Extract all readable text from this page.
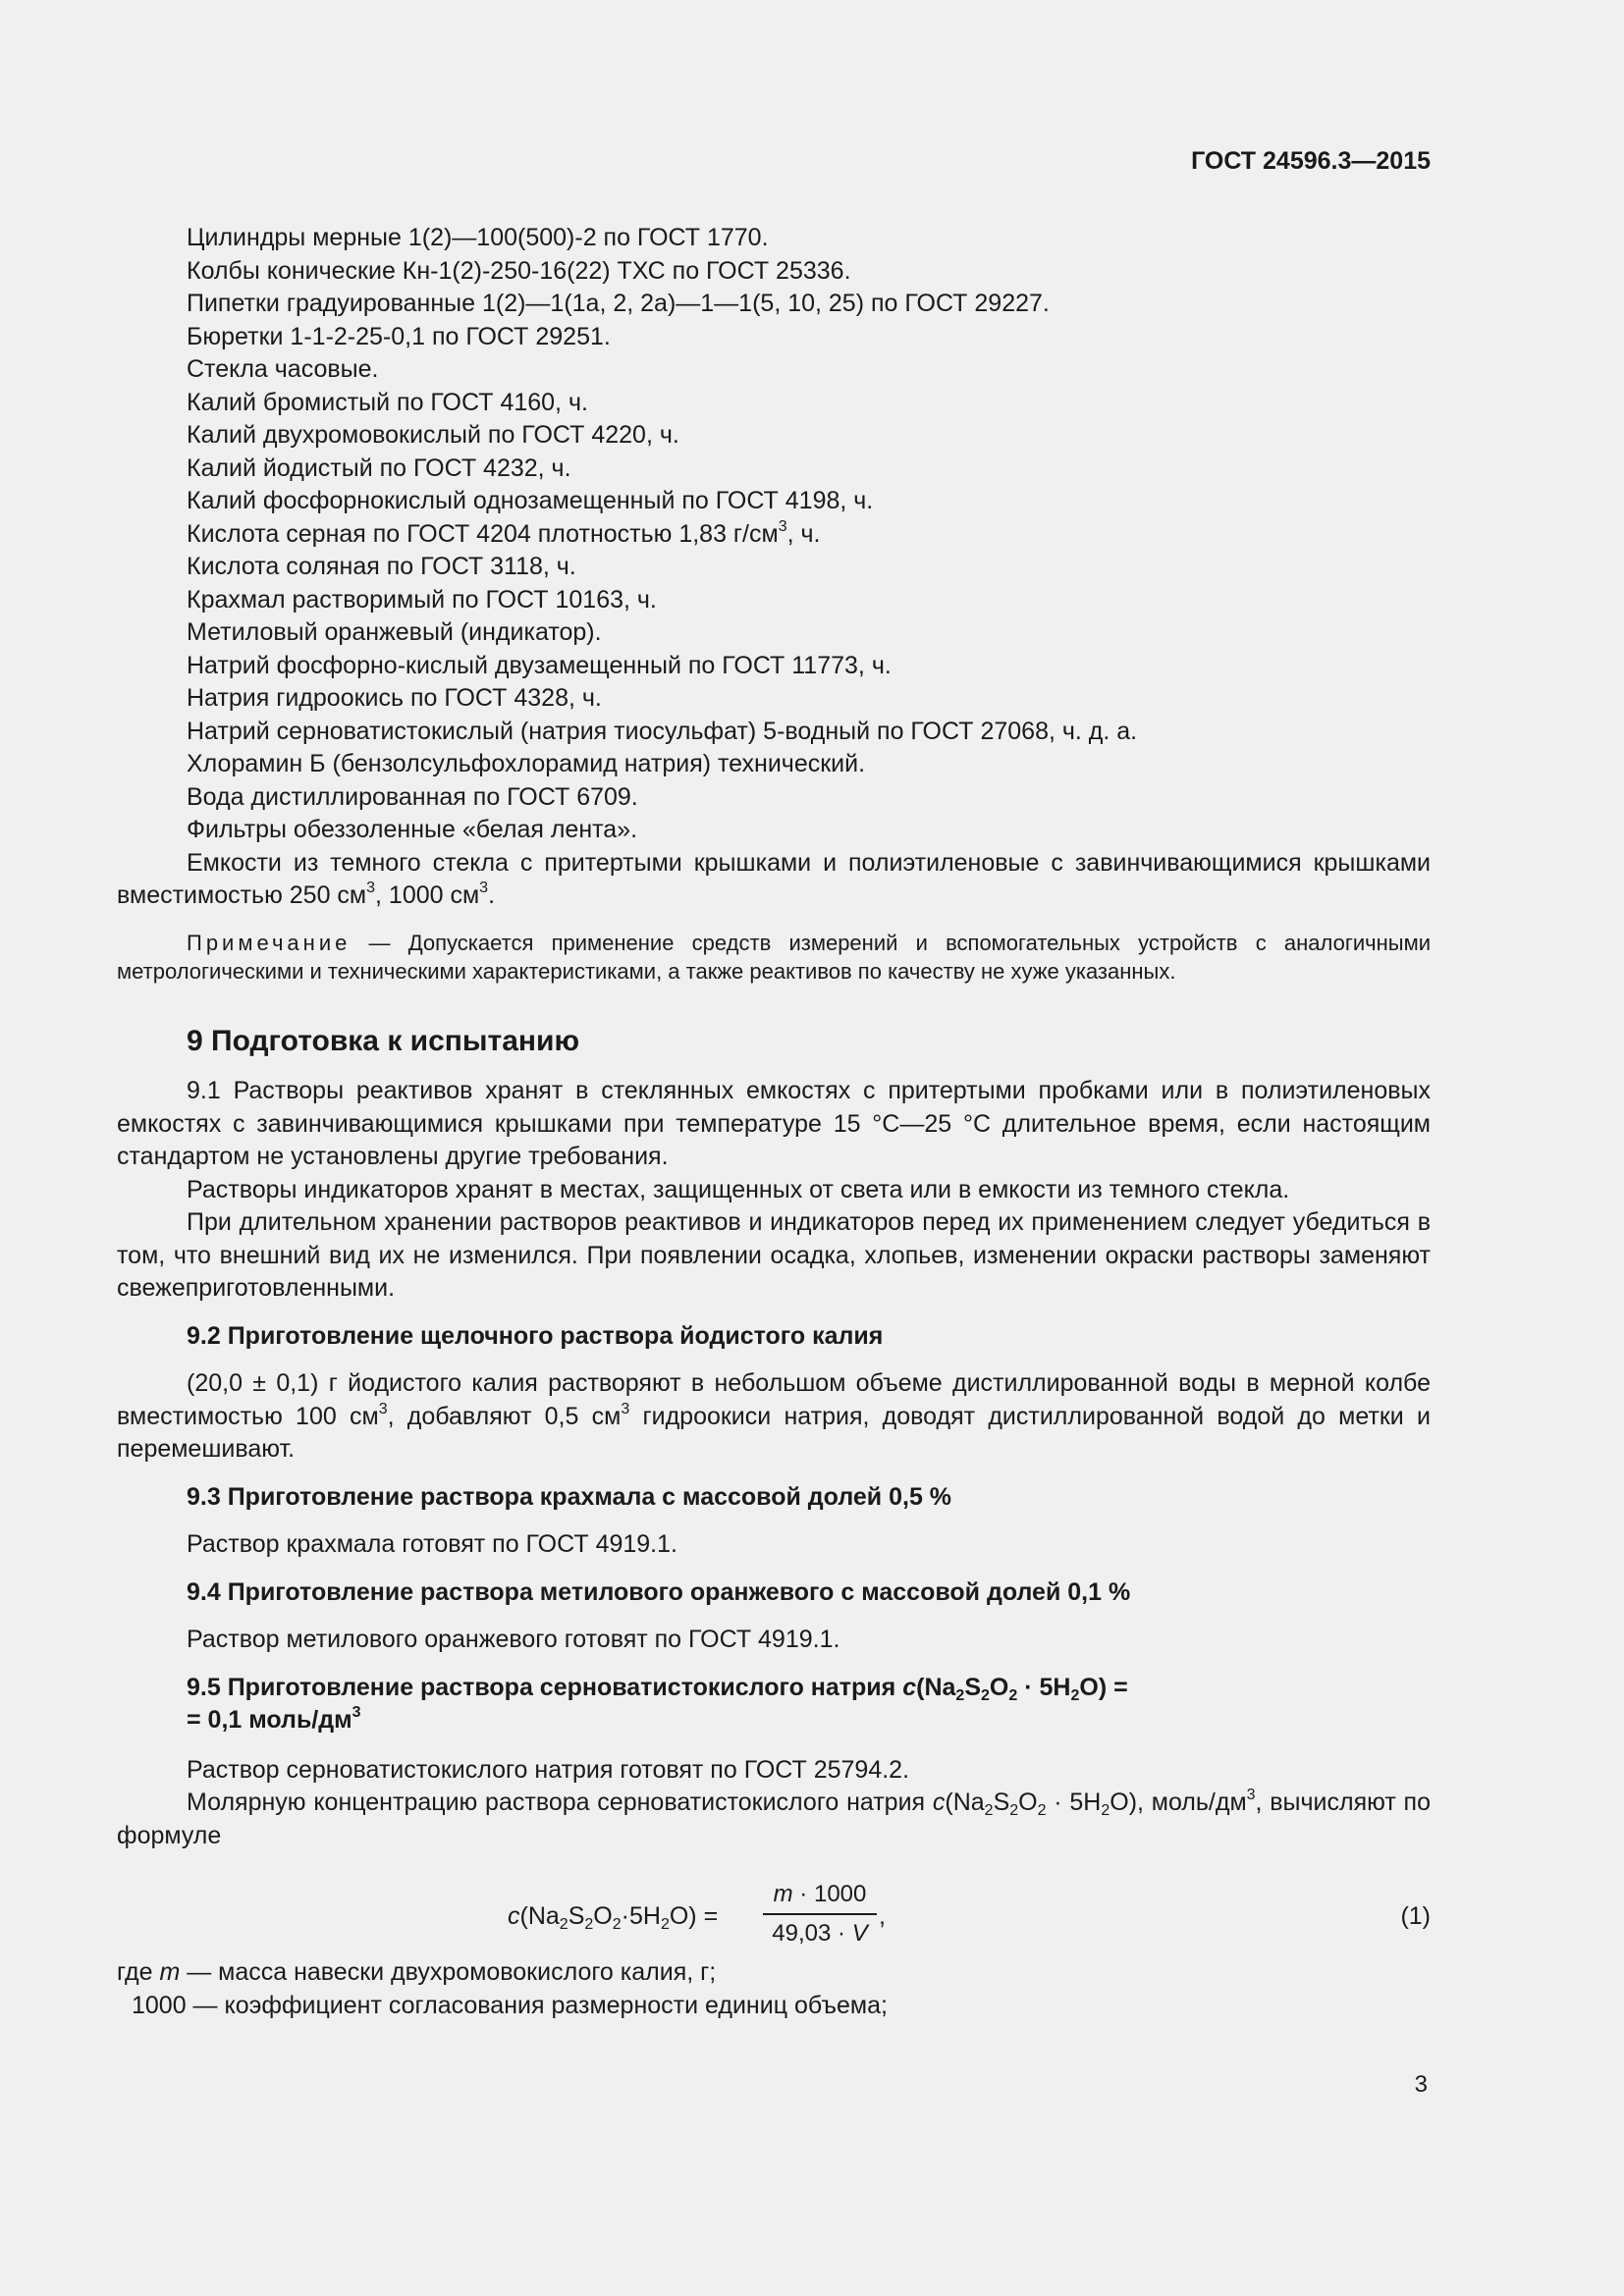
ГОСТ 24596.3—2015

Цилиндры мерные 1(2)—100(500)-2 по ГОСТ 1770.

Колбы конические Кн-1(2)-250-16(22) ТХС по ГОСТ 25336.

Пипетки градуированные 1(2)—1(1а, 2, 2а)—1—1(5, 10, 25) по ГОСТ 29227.

Бюретки 1-1-2-25-0,1 по ГОСТ 29251.

Стекла часовые.

Калий бромистый по ГОСТ 4160, ч.

Калий двухромовокислый по ГОСТ 4220, ч.

Калий йодистый по ГОСТ 4232, ч.

Калий фосфорнокислый однозамещенный по ГОСТ 4198, ч.

Кислота серная по ГОСТ 4204 плотностью 1,83 $г/см^3$, ч.

Кислота соляная по ГОСТ 3118, ч.

Крахмал растворимый по ГОСТ 10163, ч.

Метиловый оранжевый (индикатор).

Натрий фосфорно-кислый двузамещенный по ГОСТ 11773, ч.

Натрия гидроокись по ГОСТ 4328, ч.

Натрий серноватистокислый (натрия тиосульфат) 5-водный по ГОСТ 27068, ч. д. а.

Хлорамин Б (бензолсульфохлорамид натрия) технический.

Вода дистиллированная по ГОСТ 6709.

Фильтры обеззоленные «белая лента».

Емкости из темного стекла с притертыми крышками и полиэтиленовые с завинчивающимися крышками вместимостью 250 $см^3$, 1000 $см^3$.

Примечание — Допускается применение средств измерений и вспомогательных устройств с аналогичными метрологическими и техническими характеристиками, а также реактивов по качеству не хуже указанных.

9 Подготовка к испытанию

9.1 Растворы реактивов хранят в стеклянных емкостях с притертыми пробками или в полиэтиленовых емкостях с завинчивающимися крышками при температуре 15 °С—25 °С длительное время, если настоящим стандартом не установлены другие требования.

Растворы индикаторов хранят в местах, защищенных от света или в емкости из темного стекла.

При длительном хранении растворов реактивов и индикаторов перед их применением следует убедиться в том, что внешний вид их не изменился. При появлении осадка, хлопьев, изменении окраски растворы заменяют свежеприготовленными.

9.2 Приготовление щелочного раствора йодистого калия

(20,0 ± 0,1) г йодистого калия растворяют в небольшом объеме дистиллированной воды в мерной колбе вместимостью 100 $см^3$, добавляют 0,5 $см^3$ гидроокиси натрия, доводят дистиллированной водой до метки и перемешивают.

9.3 Приготовление раствора крахмала с массовой долей 0,5 %

Раствор крахмала готовят по ГОСТ 4919.1.

9.4 Приготовление раствора метилового оранжевого с массовой долей 0,1 %

Раствор метилового оранжевого готовят по ГОСТ 4919.1.

9.5 Приготовление раствора серноватистокислого натрия $c(Na_2S_2O_2 \cdot 5H_2O)$ =
= 0,1 моль/$дм^3$

Раствор серноватистокислого натрия готовят по ГОСТ 25794.2.

Молярную концентрацию раствора серноватистокислого натрия $c(Na_2S_2O_2 \cdot 5H_2O)$, моль/$дм^3$, вычисляют по формуле

$c(Na_2S_2O_2\cdot 5H_2O) = \frac{m \cdot 1000}{49,03 \cdot V}$ ,	(1)

где m — масса навески двухромовокислого калия, г;

1000 — коэффициент согласования размерности единиц объема;

3
